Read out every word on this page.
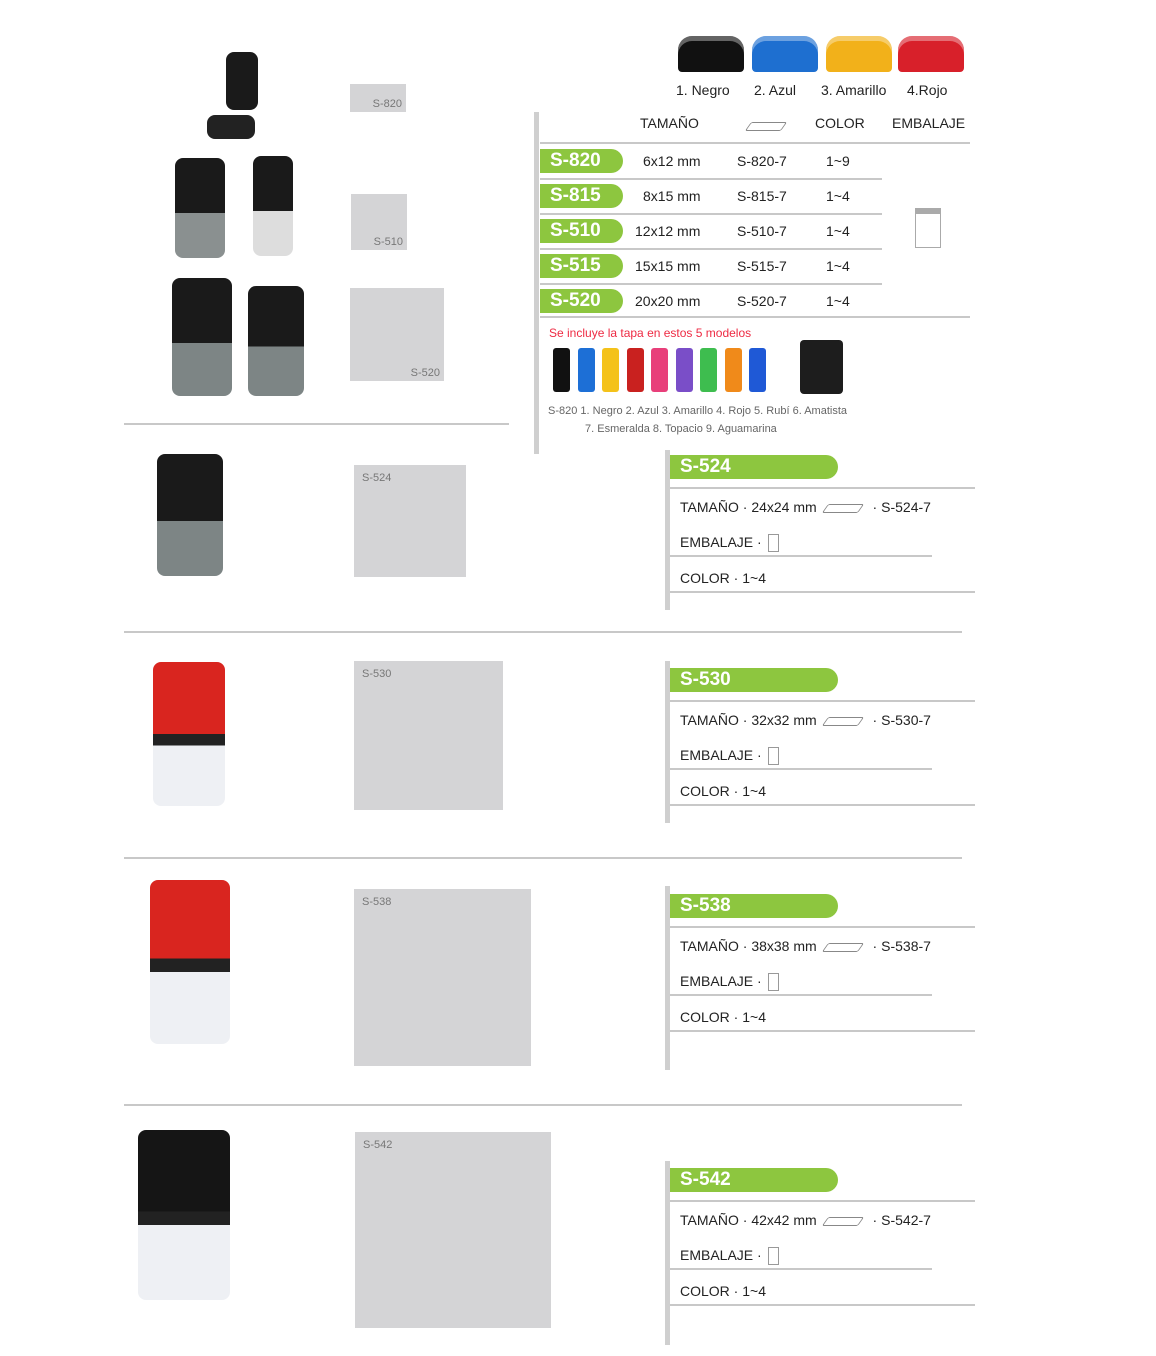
S-820
S-510
S-520
S-524
S-530
S-538
S-542
1. Negro 2. Azul 3. Amarillo 4.Rojo
TAMAÑO	COLOR EMBALAJE
S-820	6x12 mm	S-820-7	1~9
S-815	8x15 mm	S-815-7	1~4
S-510	12x12 mm	S-510-7	1~4
S-515	15x15 mm	S-515-7	1~4
S-520	20x20 mm	S-520-7	1~4
Se incluye la tapa en estos 5 modelos
S-820 1. Negro 2. Azul 3. Amarillo 4. Rojo 5. Rubí 6. Amatista
7. Esmeralda 8. Topacio 9. Aguamarina
S-524
TAMAÑO · 24x24 mm	· S-524-7
EMBALAJE ·
COLOR · 1~4
S-530
TAMAÑO · 32x32 mm	· S-530-7
EMBALAJE ·
COLOR · 1~4
S-538
TAMAÑO · 38x38 mm	· S-538-7
EMBALAJE ·
COLOR · 1~4
S-542
TAMAÑO · 42x42 mm	· S-542-7
EMBALAJE ·
COLOR · 1~4
